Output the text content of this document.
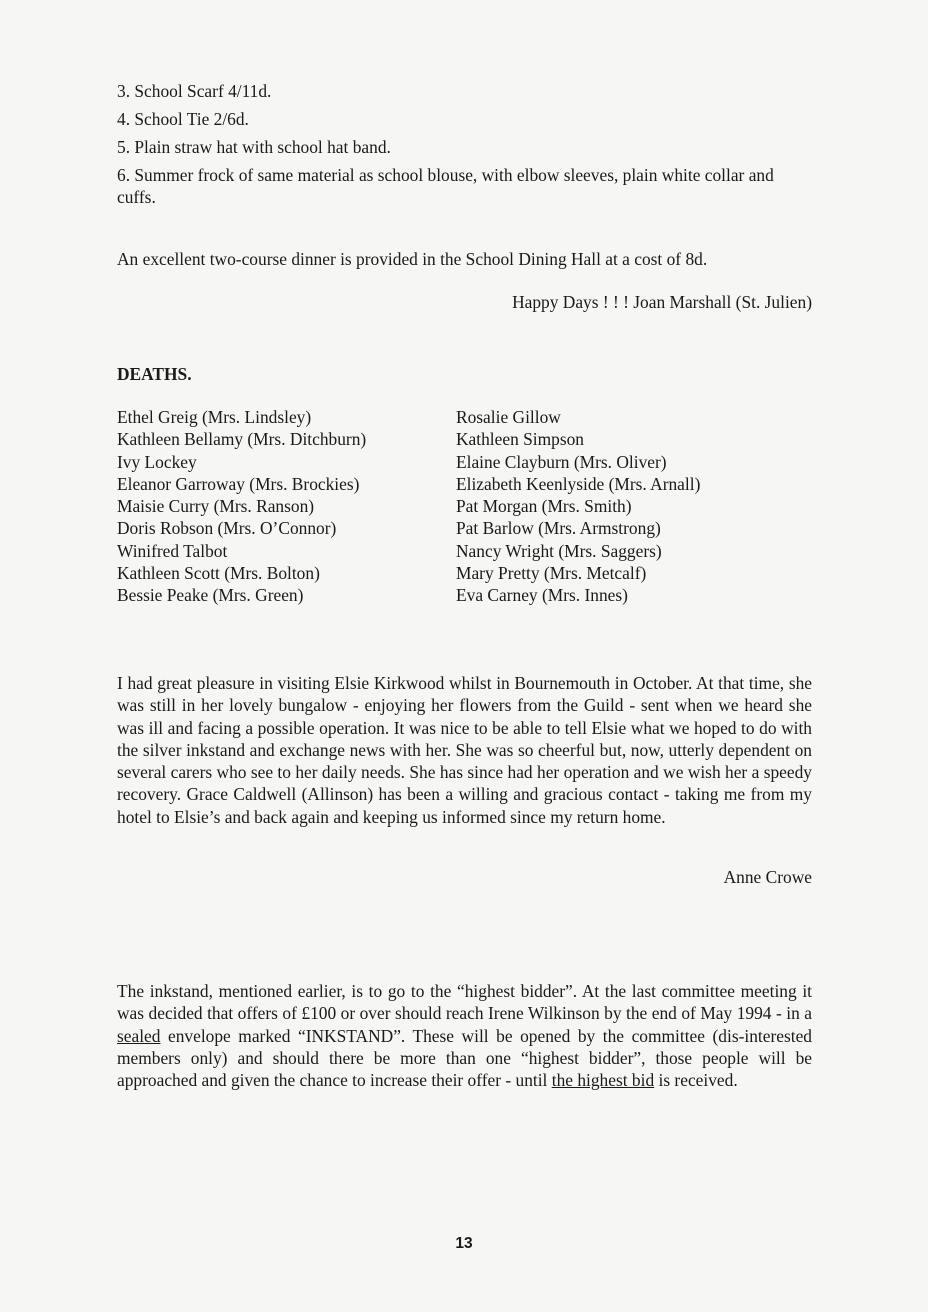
3. School Scarf 4/11d.

4. School Tie 2/6d.

5. Plain straw hat with school hat band.

6. Summer frock of same material as school blouse, with elbow sleeves, plain white collar and cuffs.

An excellent two-course dinner is provided in the School Dining Hall at a cost of 8d.

Happy Days ! ! ! Joan Marshall (St. Julien)

DEATHS.
Ethel Greig (Mrs. Lindsley)
Kathleen Bellamy (Mrs. Ditchburn)
Ivy Lockey
Eleanor Garroway (Mrs. Brockies)
Maisie Curry (Mrs. Ranson)
Doris Robson (Mrs. O’Connor)
Winifred Talbot
Kathleen Scott (Mrs. Bolton)
Bessie Peake (Mrs. Green)
Rosalie Gillow
Kathleen Simpson
Elaine Clayburn (Mrs. Oliver)
Elizabeth Keenlyside (Mrs. Arnall)
Pat Morgan (Mrs. Smith)
Pat Barlow (Mrs. Armstrong)
Nancy Wright (Mrs. Saggers)
Mary Pretty (Mrs. Metcalf)
Eva Carney (Mrs. Innes)

I had great pleasure in visiting Elsie Kirkwood whilst in Bournemouth in October. At that time, she was still in her lovely bungalow - enjoying her flowers from the Guild - sent when we heard she was ill and facing a possible operation. It was nice to be able to tell Elsie what we hoped to do with the silver inkstand and exchange news with her. She was so cheerful but, now, utterly dependent on several carers who see to her daily needs. She has since had her operation and we wish her a speedy recovery. Grace Caldwell (Allinson) has been a willing and gracious contact - taking me from my hotel to Elsie’s and back again and keeping us informed since my return home.

Anne Crowe

The inkstand, mentioned earlier, is to go to the “highest bidder”. At the last committee meeting it was decided that offers of £100 or over should reach Irene Wilkinson by the end of May 1994 - in a sealed envelope marked “INKSTAND”. These will be opened by the committee (dis-interested members only) and should there be more than one “highest bidder”, those people will be approached and given the chance to increase their offer - until the highest bid is received.

13
